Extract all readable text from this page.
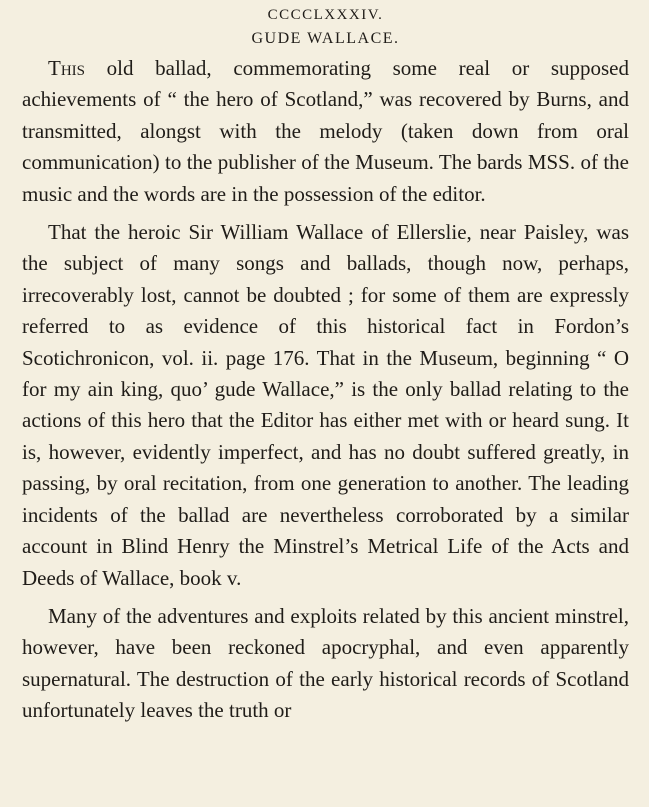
CCCCLXXXIV.
GUDE WALLACE.

This old ballad, commemorating some real or supposed achievements of “ the hero of Scotland,” was recovered by Burns, and transmitted, alongst with the melody (taken down from oral communication) to the publisher of the Museum. The bards MSS. of the music and the words are in the possession of the editor.

That the heroic Sir William Wallace of Ellerslie, near Paisley, was the subject of many songs and ballads, though now, perhaps, irrecoverably lost, cannot be doubted ; for some of them are expressly referred to as evidence of this historical fact in Fordon’s Scotichronicon, vol. ii. page 176. That in the Museum, beginning “ O for my ain king, quo’ gude Wallace,” is the only ballad relating to the actions of this hero that the Editor has either met with or heard sung. It is, however, evidently imperfect, and has no doubt suffered greatly, in passing, by oral recitation, from one generation to another. The leading incidents of the ballad are nevertheless corroborated by a similar account in Blind Henry the Minstrel’s Metrical Life of the Acts and Deeds of Wallace, book v.

Many of the adventures and exploits related by this ancient minstrel, however, have been reckoned apocryphal, and even apparently supernatural. The destruction of the early historical records of Scotland unfortunately leaves the truth or
